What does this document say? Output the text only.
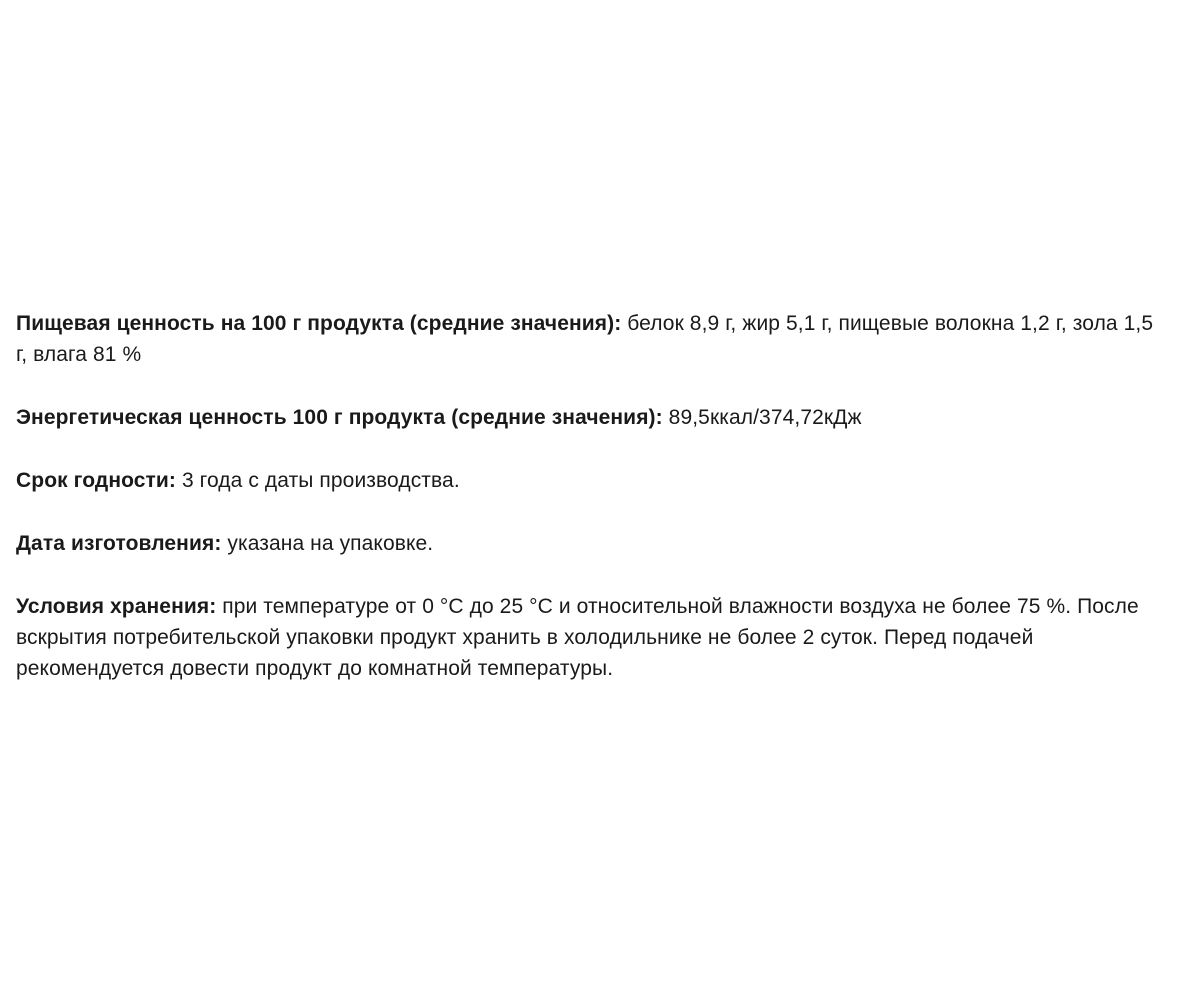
Пищевая ценность на 100 г продукта (средние значения): белок 8,9 г, жир 5,1 г, пищевые волокна 1,2 г, зола 1,5 г, влага 81 %

Энергетическая ценность 100 г продукта (средние значения): 89,5ккал/374,72кДж

Срок годности: 3 года с даты производства.

Дата изготовления: указана на упаковке.

Условия хранения: при температуре от 0 °С до 25 °С и относительной влажности воздуха не более 75 %. После вскрытия потребительской упаковки продукт хранить в холодильнике не более 2 суток. Перед подачей рекомендуется довести продукт до комнатной температуры.
